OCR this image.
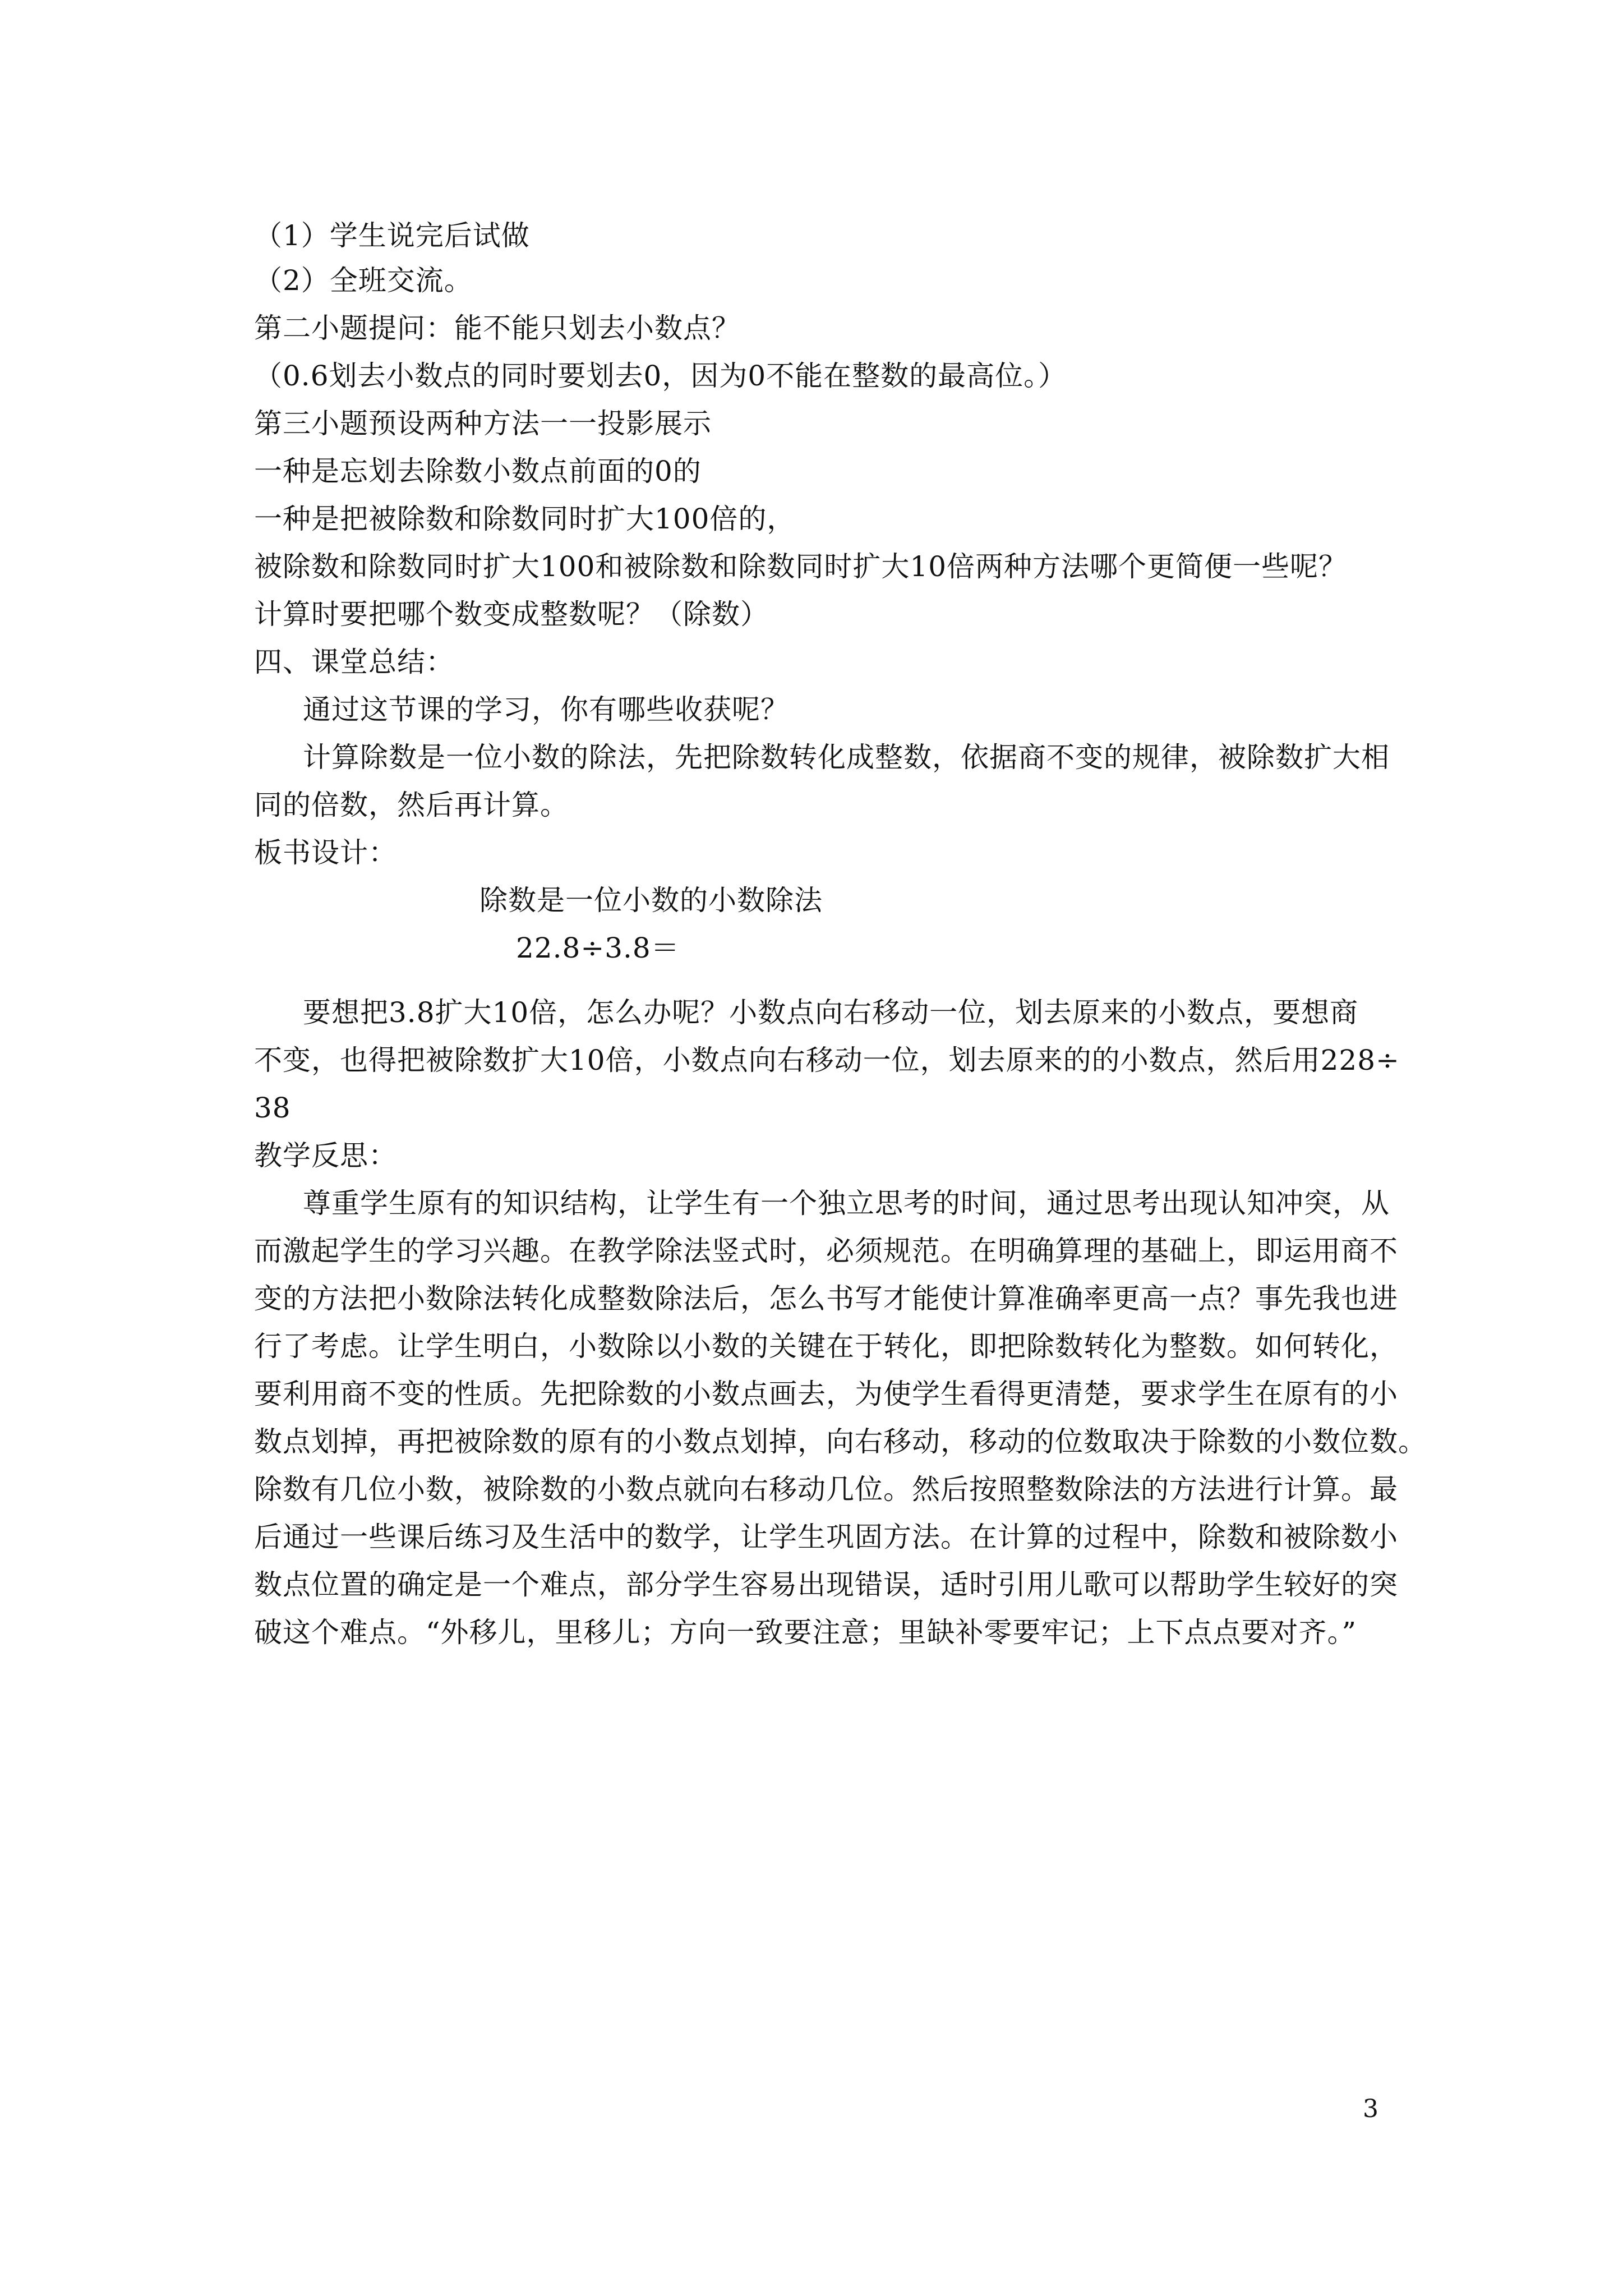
（1）学生说完后试做
（2）全班交流。
第二小题提问：能不能只划去小数点？
（0.6划去小数点的同时要划去0，因为0不能在整数的最高位。）
第三小题预设两种方法一一投影展示
一种是忘划去除数小数点前面的0的
一种是把被除数和除数同时扩大100倍的，
被除数和除数同时扩大100和被除数和除数同时扩大10倍两种方法哪个更简便一些呢？
计算时要把哪个数变成整数呢？（除数）
四、课堂总结：
通过这节课的学习，你有哪些收获呢？
计算除数是一位小数的除法，先把除数转化成整数，依据商不变的规律，被除数扩大相
同的倍数，然后再计算。
板书设计：
除数是一位小数的小数除法
22.8÷3.8＝
要想把3.8扩大10倍，怎么办呢？小数点向右移动一位，划去原来的小数点，要想商
不变，也得把被除数扩大10倍，小数点向右移动一位，划去原来的的小数点，然后用228÷
38
教学反思：
尊重学生原有的知识结构，让学生有一个独立思考的时间，通过思考出现认知冲突，从
而激起学生的学习兴趣。在教学除法竖式时，必须规范。在明确算理的基础上，即运用商不
变的方法把小数除法转化成整数除法后，怎么书写才能使计算准确率更高一点？事先我也进
行了考虑。让学生明白，小数除以小数的关键在于转化，即把除数转化为整数。如何转化，
要利用商不变的性质。先把除数的小数点画去，为使学生看得更清楚，要求学生在原有的小
数点划掉，再把被除数的原有的小数点划掉，向右移动，移动的位数取决于除数的小数位数。
除数有几位小数，被除数的小数点就向右移动几位。然后按照整数除法的方法进行计算。最
后通过一些课后练习及生活中的数学，让学生巩固方法。在计算的过程中，除数和被除数小
数点位置的确定是一个难点，部分学生容易出现错误，适时引用儿歌可以帮助学生较好的突
破这个难点。“外移儿，里移儿；方向一致要注意；里缺补零要牢记；上下点点要对齐。”
3
